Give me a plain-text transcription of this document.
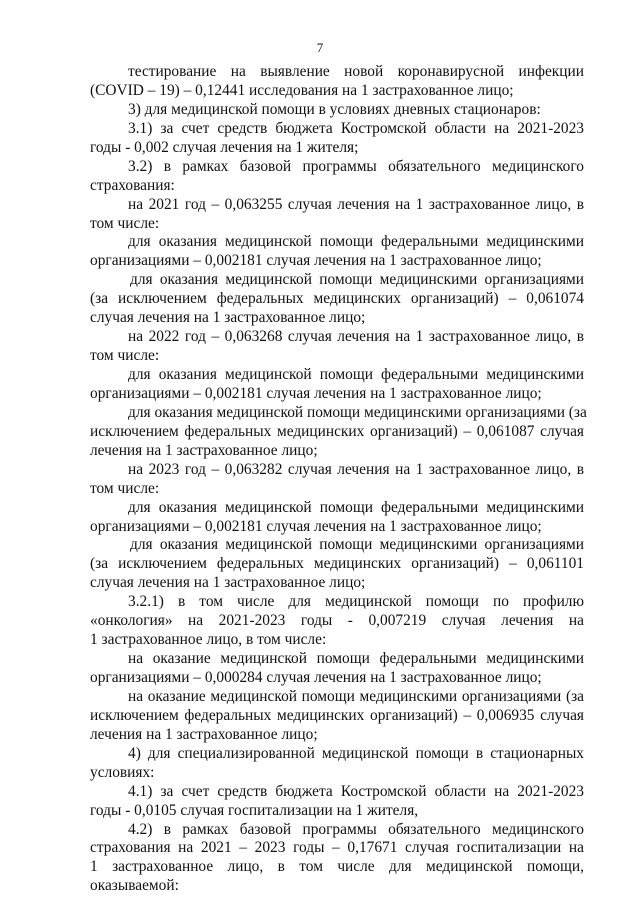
7
тестирование на выявление новой коронавирусной инфекции
(COVID – 19) – 0,12441 исследования на 1 застрахованное лицо;
3) для медицинской помощи в условиях дневных стационаров:
3.1) за счет средств бюджета Костромской области на 2021-2023
годы - 0,002 случая лечения на 1 жителя;
3.2) в рамках базовой программы обязательного медицинского
страхования:
на 2021 год – 0,063255 случая лечения на 1 застрахованное лицо, в
том числе:
для оказания медицинской помощи федеральными медицинскими
организациями – 0,002181 случая лечения на 1 застрахованное лицо;
для оказания медицинской помощи медицинскими организациями
(за исключением федеральных медицинских организаций) – 0,061074
случая лечения на 1 застрахованное лицо;
на 2022 год – 0,063268 случая лечения на 1 застрахованное лицо, в
том числе:
для оказания медицинской помощи федеральными медицинскими
организациями – 0,002181 случая лечения на 1 застрахованное лицо;
для оказания медицинской помощи медицинскими организациями (за
исключением федеральных медицинских организаций) – 0,061087 случая
лечения на 1 застрахованное лицо;
на 2023 год – 0,063282 случая лечения на 1 застрахованное лицо, в
том числе:
для оказания медицинской помощи федеральными медицинскими
организациями – 0,002181 случая лечения на 1 застрахованное лицо;
для оказания медицинской помощи медицинскими организациями
(за исключением федеральных медицинских организаций) – 0,061101
случая лечения на 1 застрахованное лицо;
3.2.1) в том числе для медицинской помощи по профилю
«онкология» на 2021-2023 годы - 0,007219 случая лечения на
1 застрахованное лицо, в том числе:
на оказание медицинской помощи федеральными медицинскими
организациями – 0,000284 случая лечения на 1 застрахованное лицо;
на оказание медицинской помощи медицинскими организациями (за
исключением федеральных медицинских организаций) – 0,006935 случая
лечения на 1 застрахованное лицо;
4) для специализированной медицинской помощи в стационарных
условиях:
4.1) за счет средств бюджета Костромской области на 2021-2023
годы - 0,0105 случая госпитализации на 1 жителя,
4.2) в рамках базовой программы обязательного медицинского
страхования на 2021 – 2023 годы – 0,17671 случая госпитализации на
1 застрахованное лицо, в том числе для медицинской помощи,
оказываемой:
